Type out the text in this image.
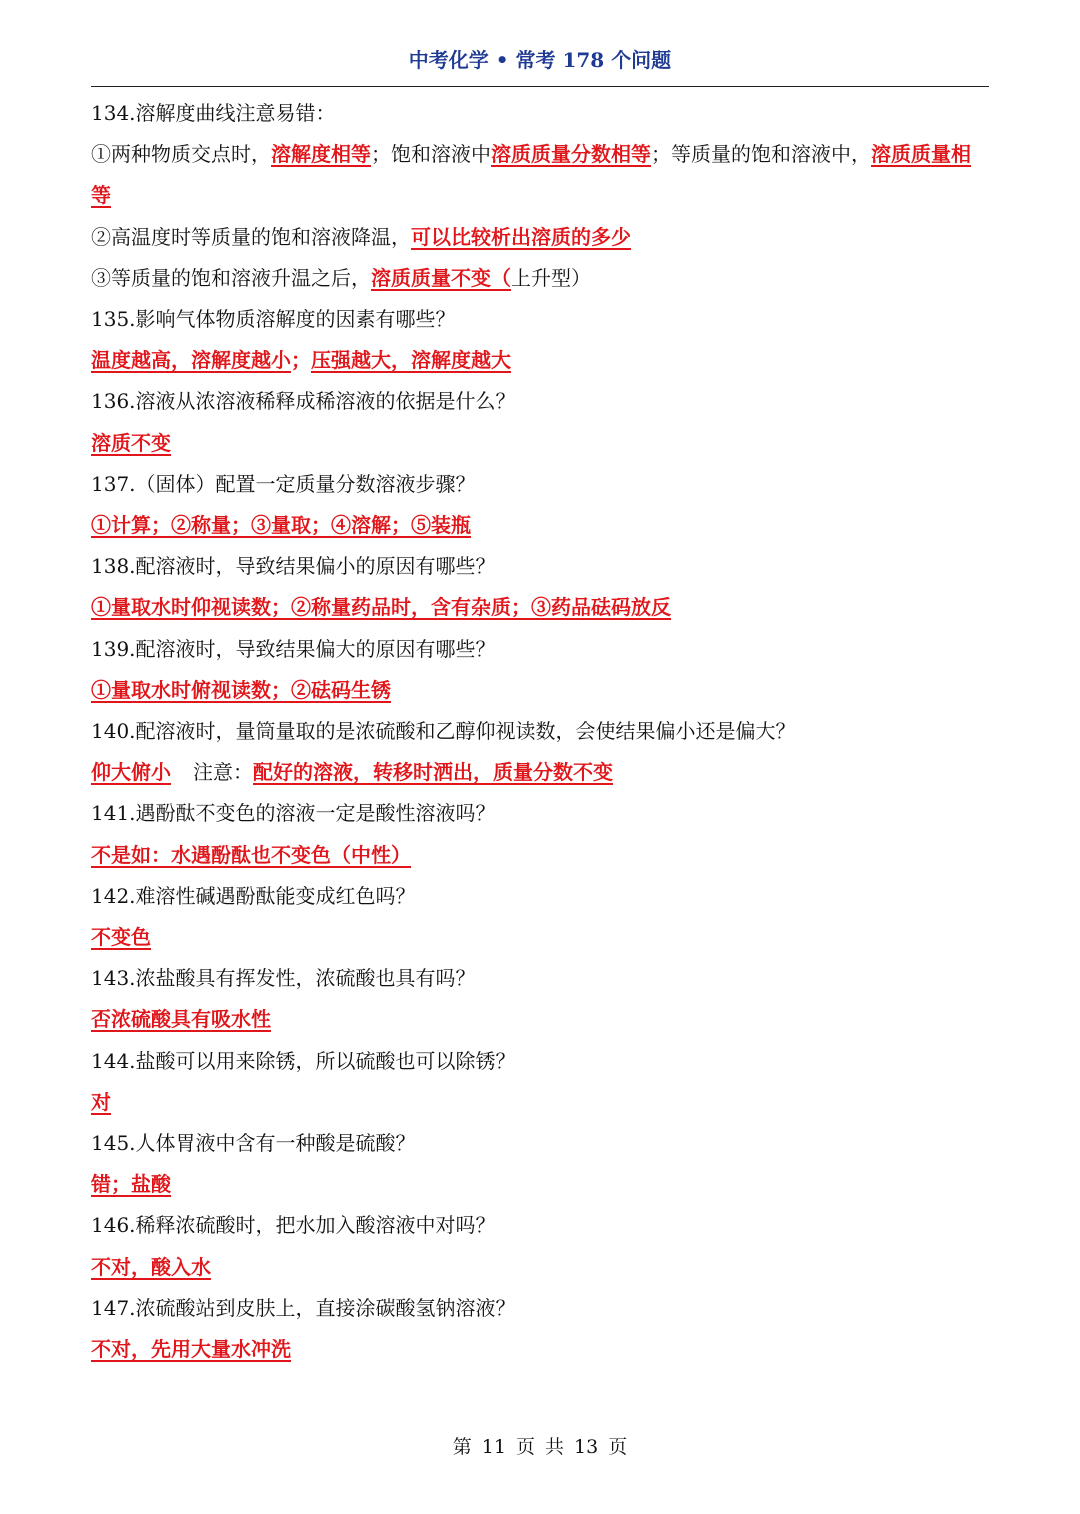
中考化学 • 常考 178 个问题
134.溶解度曲线注意易错：
①两种物质交点时，溶解度相等；饱和溶液中溶质质量分数相等；等质量的饱和溶液中，溶质质量相等
②高温度时等质量的饱和溶液降温，可以比较析出溶质的多少
③等质量的饱和溶液升温之后，溶质质量不变（上升型）
135.影响气体物质溶解度的因素有哪些？
温度越高，溶解度越小；压强越大，溶解度越大
136.溶液从浓溶液稀释成稀溶液的依据是什么？
溶质不变
137.（固体）配置一定质量分数溶液步骤？
①计算；②称量；③量取；④溶解；⑤装瓶
138.配溶液时，导致结果偏小的原因有哪些？
①量取水时仰视读数；②称量药品时，含有杂质；③药品砝码放反
139.配溶液时，导致结果偏大的原因有哪些？
①量取水时俯视读数；②砝码生锈
140.配溶液时，量筒量取的是浓硫酸和乙醇仰视读数，会使结果偏小还是偏大？
仰大俯小 注意：配好的溶液，转移时洒出，质量分数不变
141.遇酚酞不变色的溶液一定是酸性溶液吗？
不是如：水遇酚酞也不变色（中性）
142.难溶性碱遇酚酞能变成红色吗？
不变色
143.浓盐酸具有挥发性，浓硫酸也具有吗？
否浓硫酸具有吸水性
144.盐酸可以用来除锈，所以硫酸也可以除锈？
对
145.人体胃液中含有一种酸是硫酸？
错；盐酸
146.稀释浓硫酸时，把水加入酸溶液中对吗？
不对，酸入水
147.浓硫酸站到皮肤上，直接涂碳酸氢钠溶液？
不对，先用大量水冲洗
第 11 页 共 13 页
